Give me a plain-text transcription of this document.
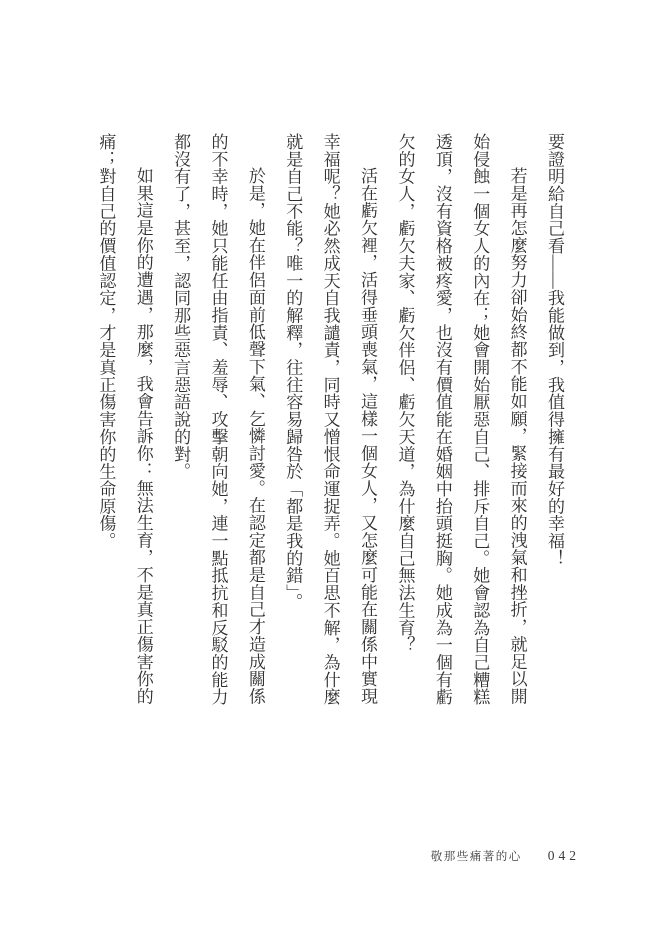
要證明給自己看——我能做到，我值得擁有最好的幸福！

若是再怎麼努力卻始終都不能如願，緊接而來的洩氣和挫折，就足以開始侵蝕一個女人的內在；她會開始厭惡自己、排斥自己。她會認為自己糟糕透頂，沒有資格被疼愛，也沒有價值能在婚姻中抬頭挺胸。她成為一個有虧欠的女人，虧欠夫家、虧欠伴侶、虧欠天道，為什麼自己無法生育？

活在虧欠裡，活得垂頭喪氣，這樣一個女人，又怎麼可能在關係中實現幸福呢？她必然成天自我譴責，同時又憎恨命運捉弄。她百思不解，為什麼就是自己不能？唯一的解釋，往往容易歸咎於「都是我的錯」。

於是，她在伴侶面前低聲下氣、乞憐討愛。在認定都是自己才造成關係的不幸時，她只能任由指責、羞辱、攻擊朝向她，連一點抵抗和反駁的能力都沒有了，甚至，認同那些惡言惡語說的對。

如果這是你的遭遇，那麼，我會告訴你：無法生育，不是真正傷害你的痛；對自己的價值認定，才是真正傷害你的生命原傷。

敬那些痛著的心 042
